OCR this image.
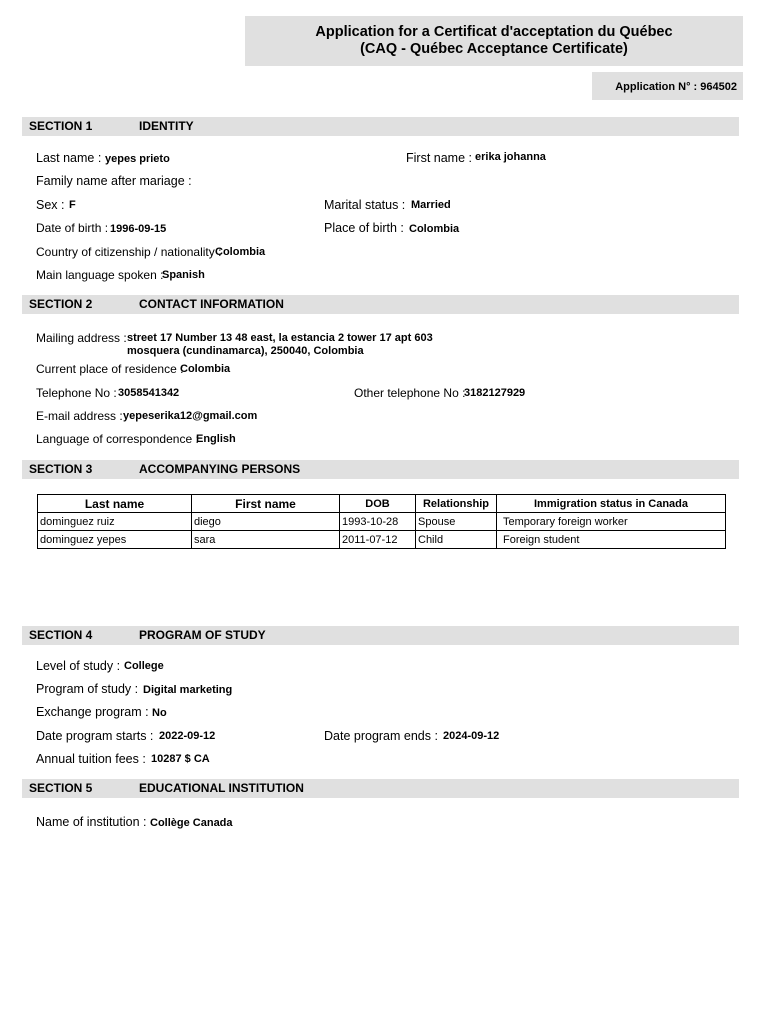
Application for a Certificat d'acceptation du Québec
(CAQ - Québec Acceptance Certificate)
Application N° : 964502
SECTION 1	IDENTITY
Last name : yepes prieto	First name : erika johanna
Family name after mariage :
Sex : F	Marital status : Married
Date of birth : 1996-09-15	Place of birth : Colombia
Country of citizenship / nationality :
Colombia
Main language spoken :
Spanish
SECTION 2	CONTACT INFORMATION
Mailing address : street 17 Number 13 48 east, la estancia 2 tower 17 apt 603
mosquera (cundinamarca), 250040, Colombia
Current place of residence :
Colombia
Telephone No : 3058541342	Other telephone No :
3182127929
E-mail address : yepeserika12@gmail.com
Language of correspondence :
English
SECTION 3	ACCOMPANYING PERSONS
Last name	First name	DOB	Relationship	Immigration status in Canada
dominguez ruiz	diego	1993-10-28	Spouse	Temporary foreign worker
dominguez yepes	sara	2011-07-12	Child	Foreign student
SECTION 4	PROGRAM OF STUDY
Level of study : College
Program of study : Digital marketing
Exchange program : No
Date program starts : 2022-09-12	Date program ends : 2024-09-12
Annual tuition fees : 10287 $ CA
SECTION 5	EDUCATIONAL INSTITUTION
Name of institution : Collège Canada
